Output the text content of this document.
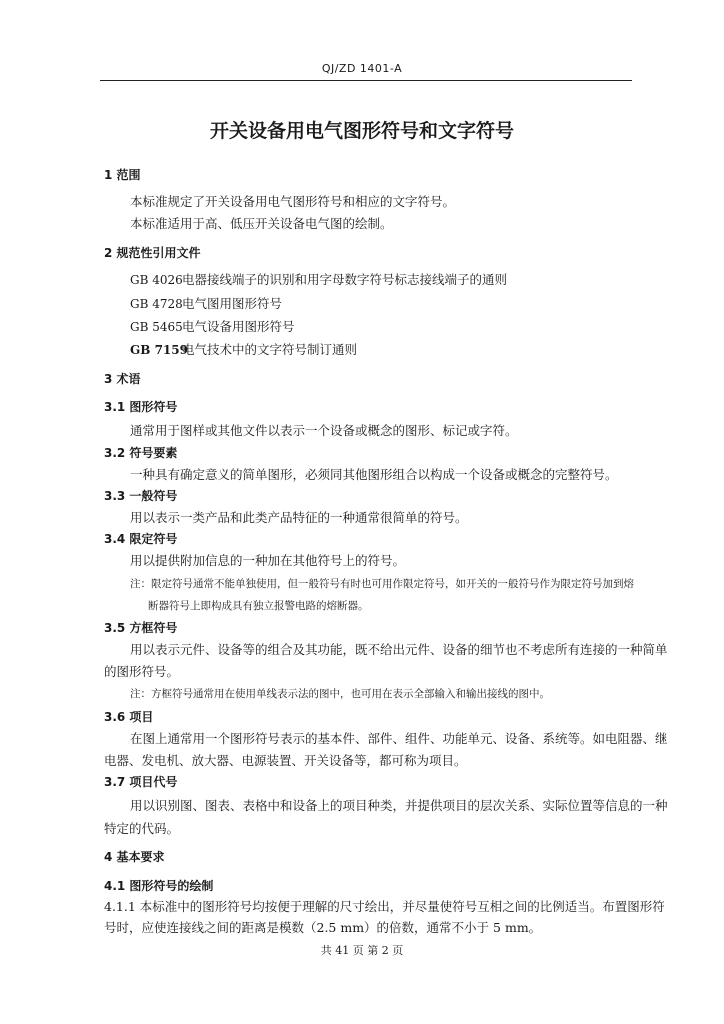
QJ/ZD 1401-A
开关设备用电气图形符号和文字符号
1 范围
本标准规定了开关设备用电气图形符号和相应的文字符号。
本标准适用于高、低压开关设备电气图的绘制。
2 规范性引用文件
GB 4026电器接线端子的识别和用字母数字符号标志接线端子的通则
GB 4728电气图用图形符号
GB 5465电气设备用图形符号
GB 7159电气技术中的文字符号制订通则
3 术语
3.1 图形符号
通常用于图样或其他文件以表示一个设备或概念的图形、标记或字符。
3.2 符号要素
一种具有确定意义的简单图形，必须同其他图形组合以构成一个设备或概念的完整符号。
3.3 一般符号
用以表示一类产品和此类产品特征的一种通常很简单的符号。
3.4 限定符号
用以提供附加信息的一种加在其他符号上的符号。
注：限定符号通常不能单独使用，但一般符号有时也可用作限定符号，如开关的一般符号作为限定符号加到熔
断器符号上即构成具有独立报警电路的熔断器。
3.5 方框符号
用以表示元件、设备等的组合及其功能，既不给出元件、设备的细节也不考虑所有连接的一种简单
的图形符号。
注：方框符号通常用在使用单线表示法的图中，也可用在表示全部输入和输出接线的图中。
3.6 项目
在图上通常用一个图形符号表示的基本件、部件、组件、功能单元、设备、系统等。如电阻器、继
电器、发电机、放大器、电源装置、开关设备等，都可称为项目。
3.7 项目代号
用以识别图、图表、表格中和设备上的项目种类，并提供项目的层次关系、实际位置等信息的一种
特定的代码。
4 基本要求
4.1 图形符号的绘制
4.1.1 本标准中的图形符号均按便于理解的尺寸绘出，并尽量使符号互相之间的比例适当。布置图形符
号时，应使连接线之间的距离是模数（2.5 mm）的倍数，通常不小于 5 mm。
共 41 页 第 2 页
